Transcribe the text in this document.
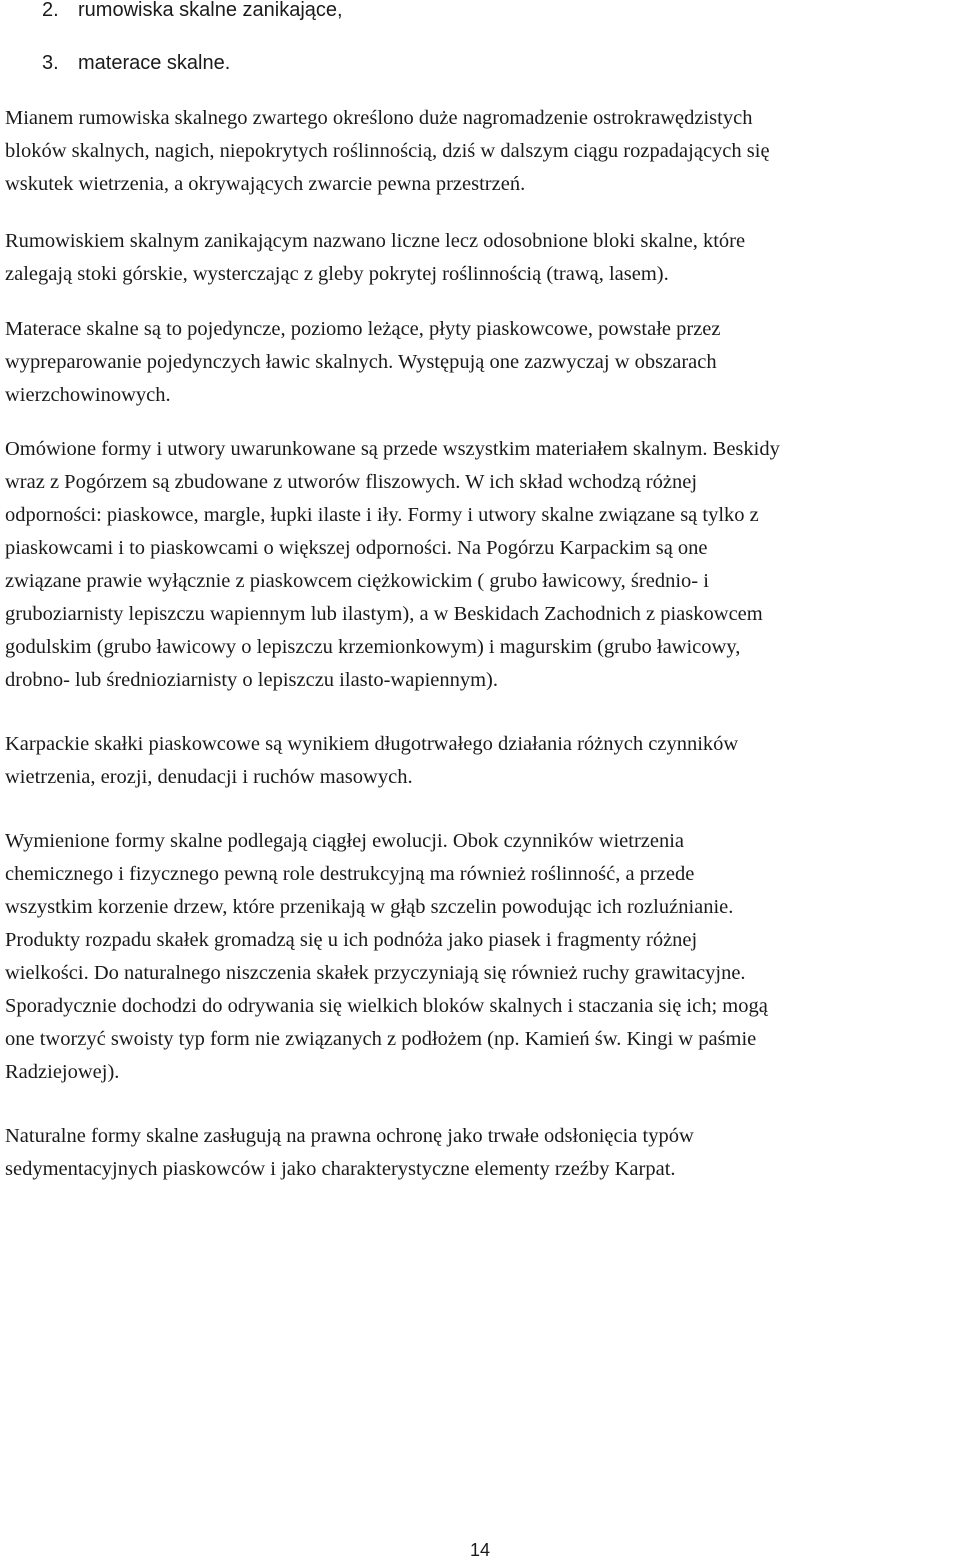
2. rumowiska skalne zanikające,
3. materace skalne.

Mianem rumowiska skalnego zwartego określono duże nagromadzenie ostrokrawędzistych
bloków skalnych, nagich, niepokrytych roślinnością, dziś w dalszym ciągu rozpadających się
wskutek wietrzenia, a okrywających zwarcie pewna przestrzeń.

Rumowiskiem skalnym zanikającym nazwano liczne lecz odosobnione bloki skalne, które
zalegają stoki górskie, wysterczając z gleby pokrytej roślinnością (trawą, lasem).

Materace skalne są to pojedyncze, poziomo leżące, płyty piaskowcowe, powstałe przez
wypreparowanie pojedynczych ławic skalnych. Występują one zazwyczaj w obszarach
wierzchowinowych.

Omówione formy i utwory uwarunkowane są przede wszystkim materiałem skalnym. Beskidy
wraz z Pogórzem są zbudowane z utworów fliszowych. W ich skład wchodzą różnej
odporności: piaskowce, margle, łupki ilaste i iły. Formy i utwory skalne związane są tylko z
piaskowcami i to piaskowcami o większej odporności. Na Pogórzu Karpackim są one
związane prawie wyłącznie z piaskowcem ciężkowickim ( grubo ławicowy, średnio- i
gruboziarnisty lepiszczu wapiennym lub ilastym), a w Beskidach Zachodnich z piaskowcem
godulskim (grubo ławicowy o lepiszczu krzemionkowym) i magurskim (grubo ławicowy,
drobno- lub średnioziarnisty o lepiszczu ilasto-wapiennym).

Karpackie skałki piaskowcowe są wynikiem długotrwałego działania różnych czynników
wietrzenia, erozji, denudacji i ruchów masowych.

Wymienione formy skalne podlegają ciągłej ewolucji. Obok czynników wietrzenia
chemicznego i fizycznego pewną role destrukcyjną ma również roślinność, a przede
wszystkim korzenie drzew, które przenikają w głąb szczelin powodując ich rozluźnianie.
Produkty rozpadu skałek gromadzą się u ich podnóża jako piasek i fragmenty różnej
wielkości. Do naturalnego niszczenia skałek przyczyniają się również ruchy grawitacyjne.
Sporadycznie dochodzi do odrywania się wielkich bloków skalnych i staczania się ich; mogą
one tworzyć swoisty typ form nie związanych z podłożem (np. Kamień św. Kingi w paśmie
Radziejowej).

Naturalne formy skalne zasługują na prawna ochronę jako trwałe odsłonięcia typów
sedymentacyjnych piaskowców i jako charakterystyczne elementy rzeźby Karpat.

14
